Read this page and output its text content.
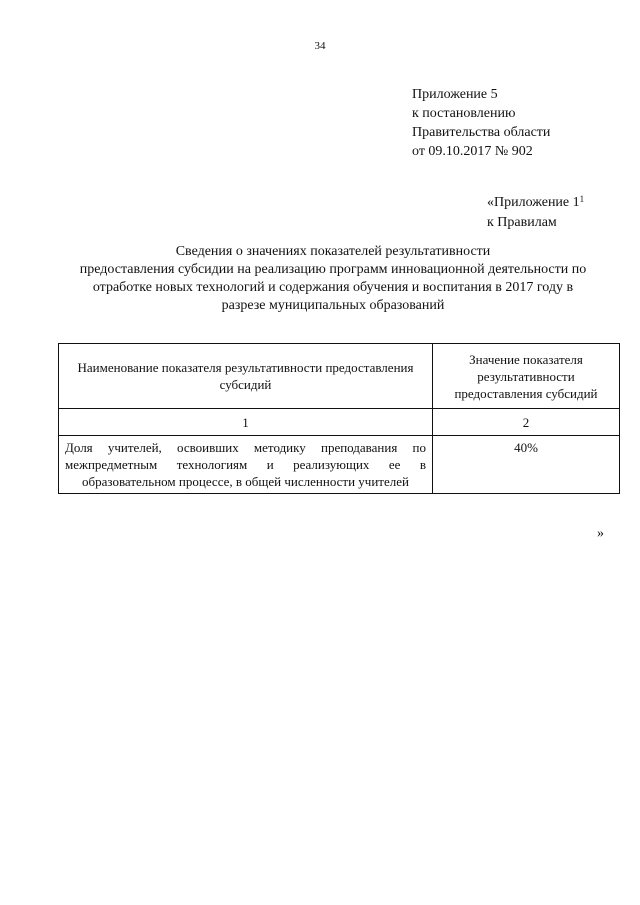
34
Приложение 5
к постановлению
Правительства области
от 09.10.2017 № 902
«Приложение $1^1$
к Правилам
Сведения о значениях показателей результативности
предоставления субсидии на реализацию программ инновационной деятельности по
отработке новых технологий и содержания обучения и воспитания в 2017 году в
разрезе муниципальных образований
Наименование показателя результативности предоставления субсидий	Значение показателя результативности предоставления субсидий
1	2
Доля учителей, освоивших методику преподавания по межпредметным технологиям и реализующих ее в образовательном процессе, в общей численности учителей	40%
»
